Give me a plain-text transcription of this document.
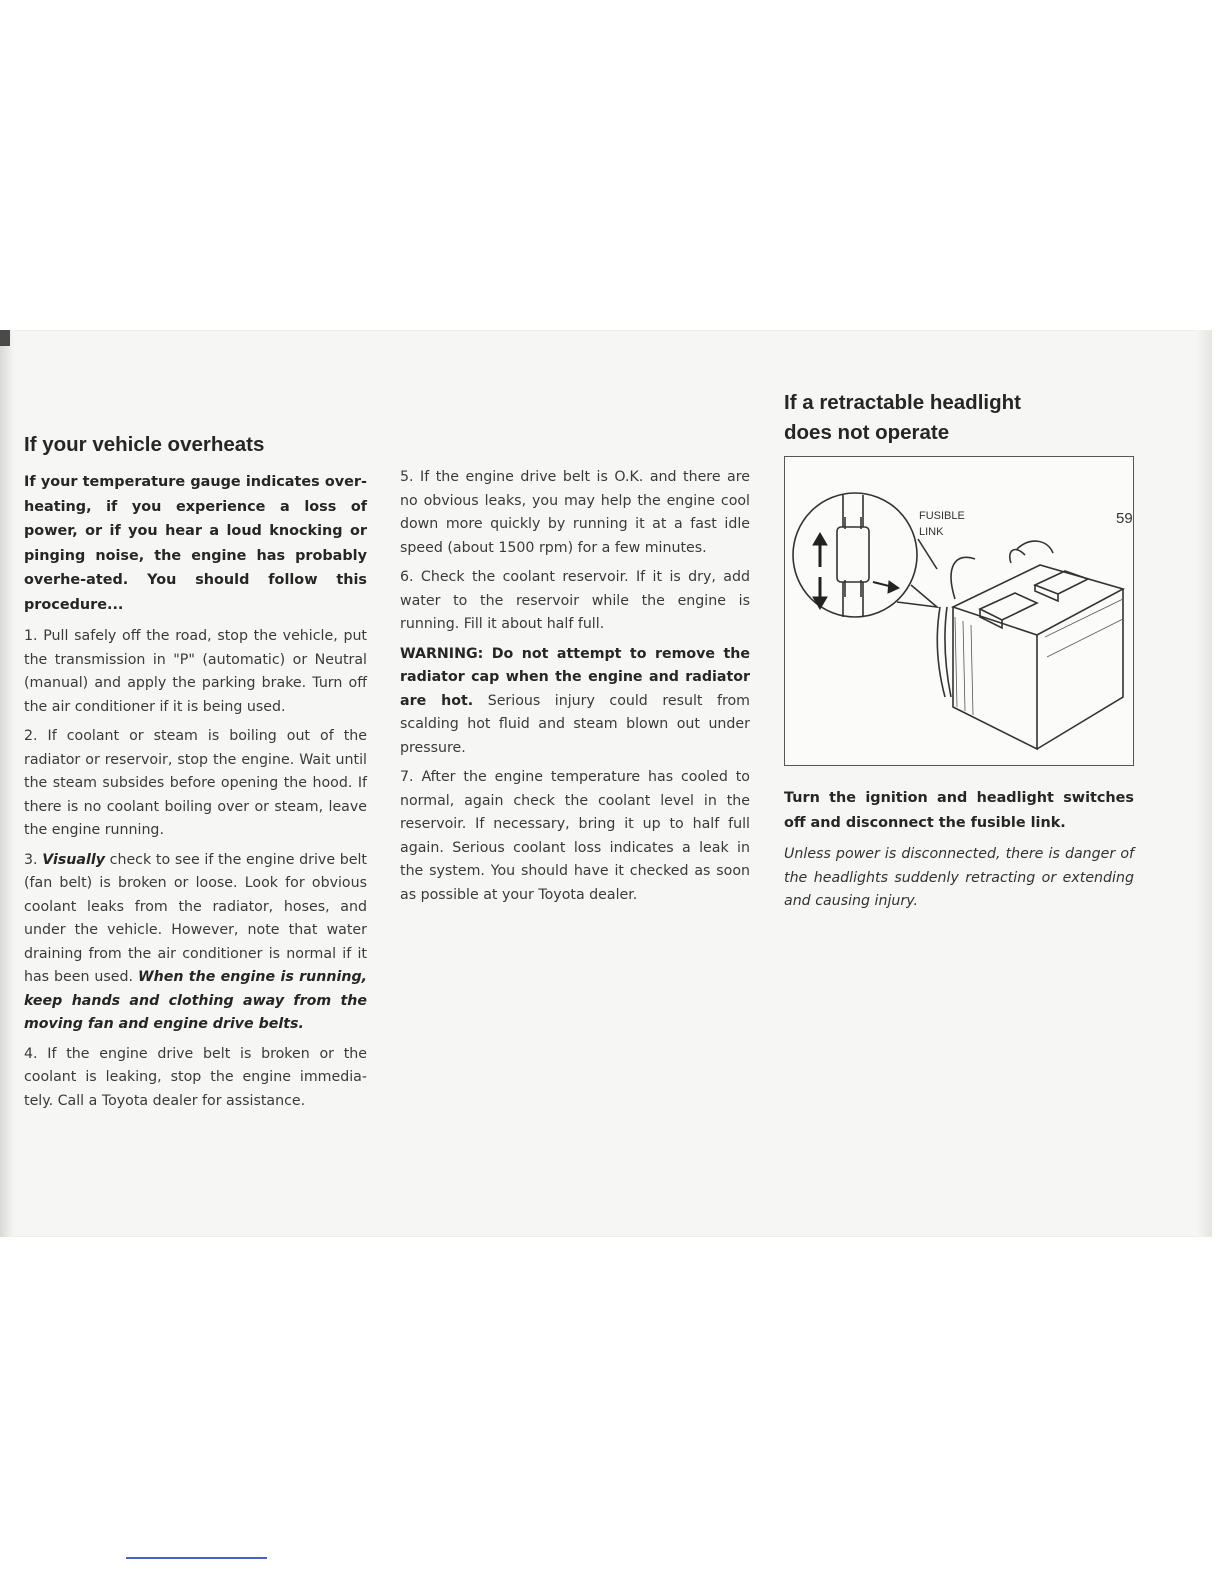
If your vehicle overheats

If your temperature gauge indicates over-heating, if you experience a loss of power, or if you hear a loud knocking or pinging noise, the engine has probably overhe-ated. You should follow this procedure...

1. Pull safely off the road, stop the vehicle, put the transmission in "P" (automatic) or Neutral (manual) and apply the parking brake. Turn off the air conditioner if it is being used.

2. If coolant or steam is boiling out of the radiator or reservoir, stop the engine. Wait until the steam subsides before opening the hood. If there is no coolant boiling over or steam, leave the engine running.

3. Visually check to see if the engine drive belt (fan belt) is broken or loose. Look for obvious coolant leaks from the radiator, hoses, and under the vehicle. However, note that water draining from the air conditioner is normal if it has been used. When the engine is running, keep hands and clothing away from the moving fan and engine drive belts.

4. If the engine drive belt is broken or the coolant is leaking, stop the engine immedia-tely. Call a Toyota dealer for assistance.

5. If the engine drive belt is O.K. and there are no obvious leaks, you may help the engine cool down more quickly by running it at a fast idle speed (about 1500 rpm) for a few minutes.

6. Check the coolant reservoir. If it is dry, add water to the reservoir while the engine is running. Fill it about half full.

WARNING: Do not attempt to remove the radiator cap when the engine and radiator are hot. Serious injury could result from scalding hot fluid and steam blown out under pressure.

7. After the engine temperature has cooled to normal, again check the coolant level in the reservoir. If necessary, bring it up to half full again. Serious coolant loss indicates a leak in the system. You should have it checked as soon as possible at your Toyota dealer.

If a retractable headlight
does not operate
FUSIBLE
LINK

Turn the ignition and headlight switches off and disconnect the fusible link.

Unless power is disconnected, there is danger of the headlights suddenly retracting or extending and causing injury.

59
